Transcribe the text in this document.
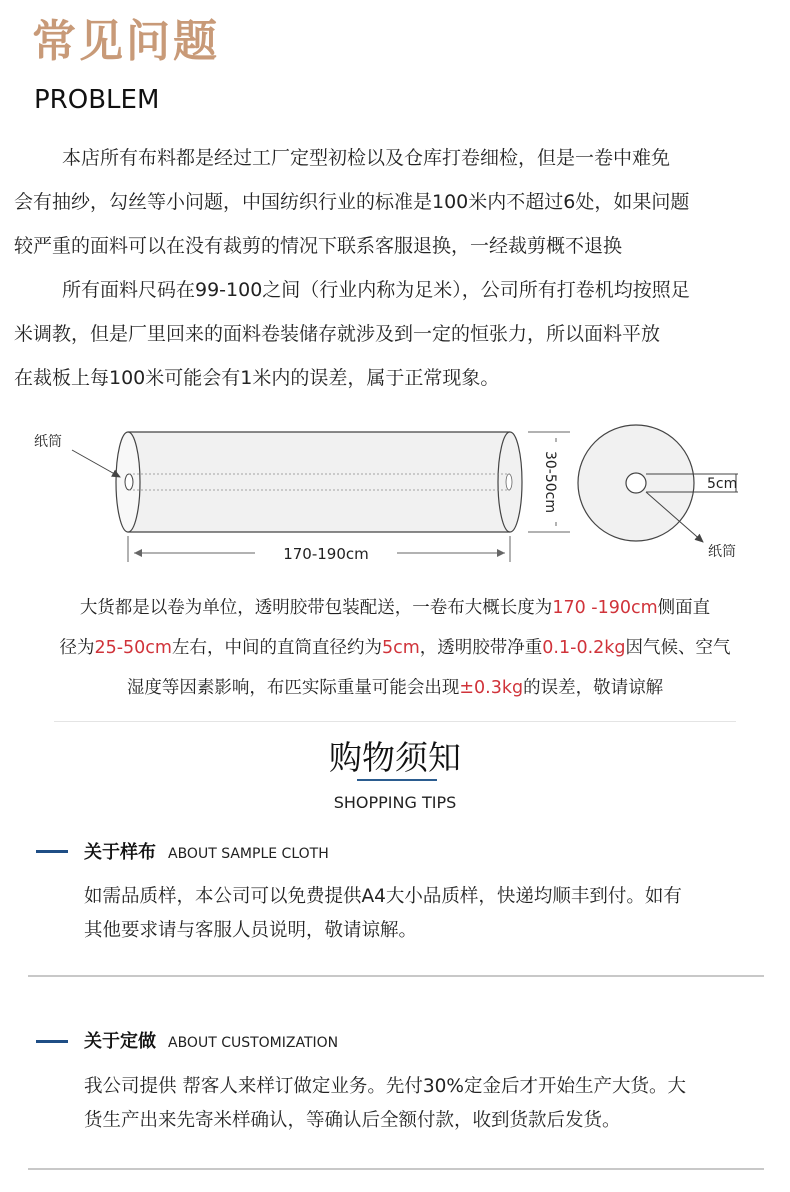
常见问题
PROBLEM
本店所有布料都是经过工厂定型初检以及仓库打卷细检，但是一卷中难免
会有抽纱，勾丝等小问题，中国纺织行业的标准是100米内不超过6处，如果问题
较严重的面料可以在没有裁剪的情况下联系客服退换，一经裁剪概不退换
所有面料尺码在99-100之间（行业内称为足米），公司所有打卷机均按照足
米调教，但是厂里回来的面料卷装储存就涉及到一定的恒张力，所以面料平放
在裁板上每100米可能会有1米内的误差，属于正常现象。
纸筒
170-190cm
30-50cm	5cm
纸筒
大货都是以卷为单位，透明胶带包装配送，一卷布大概长度为170 -190cm侧面直
径为25-50cm左右，中间的直筒直径约为5cm，透明胶带净重0.1-0.2kg因气候、空气
湿度等因素影响，布匹实际重量可能会出现±0.3kg的误差，敬请谅解
购物须知
SHOPPING TIPS
关于样布 ABOUT SAMPLE CLOTH
如需品质样，本公司可以免费提供A4大小品质样，快递均顺丰到付。如有
其他要求请与客服人员说明，敬请谅解。
关于定做 ABOUT CUSTOMIZATION
我公司提供 帮客人来样订做定业务。先付30%定金后才开始生产大货。大
货生产出来先寄米样确认，等确认后全额付款，收到货款后发货。
